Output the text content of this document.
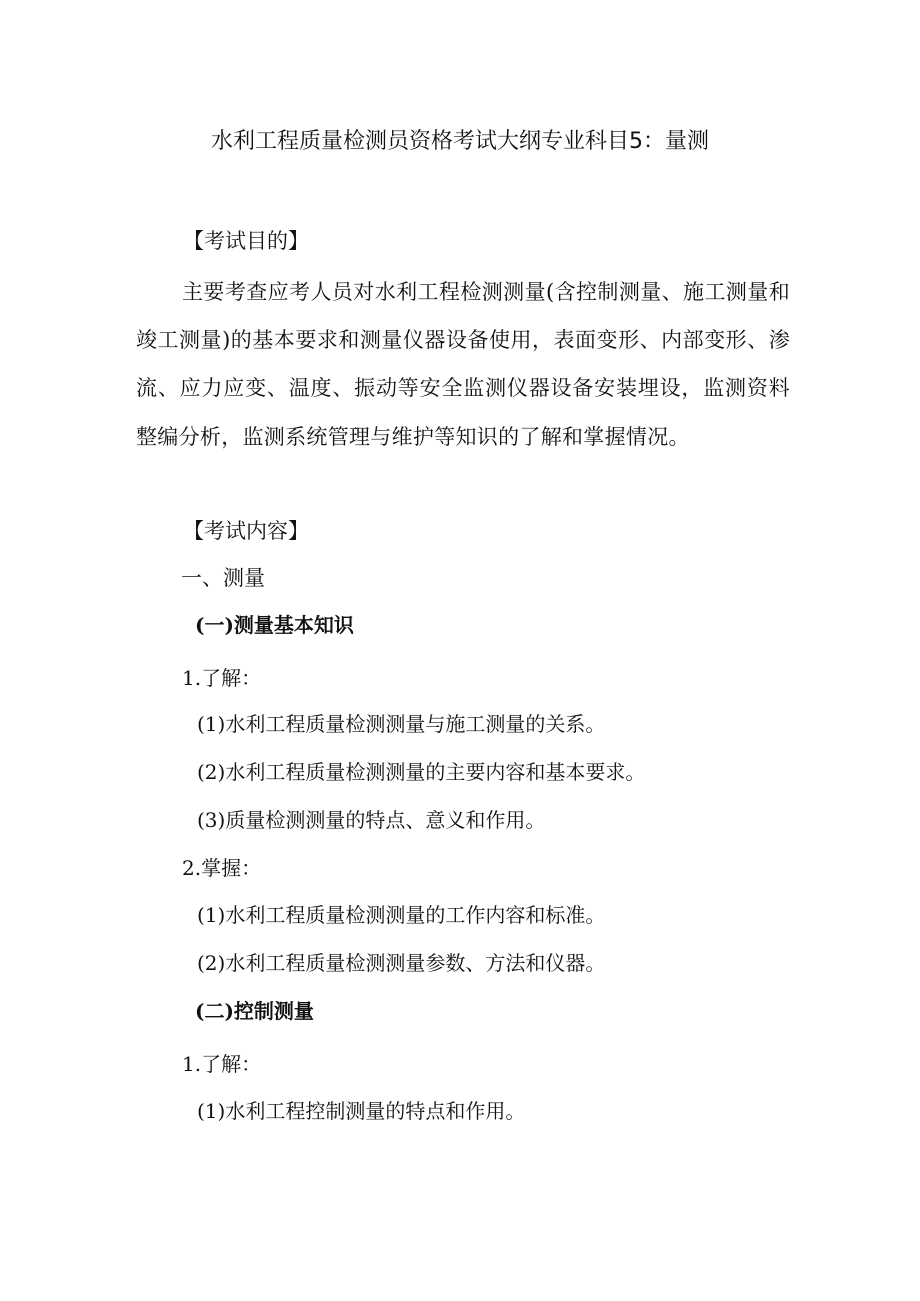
水利工程质量检测员资格考试大纲专业科目5：量测
【考试目的】
主要考查应考人员对水利工程检测测量(含控制测量、施工测量和竣工测量)的基本要求和测量仪器设备使用，表面变形、内部变形、渗流、应力应变、温度、振动等安全监测仪器设备安装埋设，监测资料整编分析，监测系统管理与维护等知识的了解和掌握情况。
【考试内容】
一、测量
(一)测量基本知识
1.了解：
(1)水利工程质量检测测量与施工测量的关系。
(2)水利工程质量检测测量的主要内容和基本要求。
(3)质量检测测量的特点、意义和作用。
2.掌握：
(1)水利工程质量检测测量的工作内容和标准。
(2)水利工程质量检测测量参数、方法和仪器。
(二)控制测量
1.了解：
(1)水利工程控制测量的特点和作用。
